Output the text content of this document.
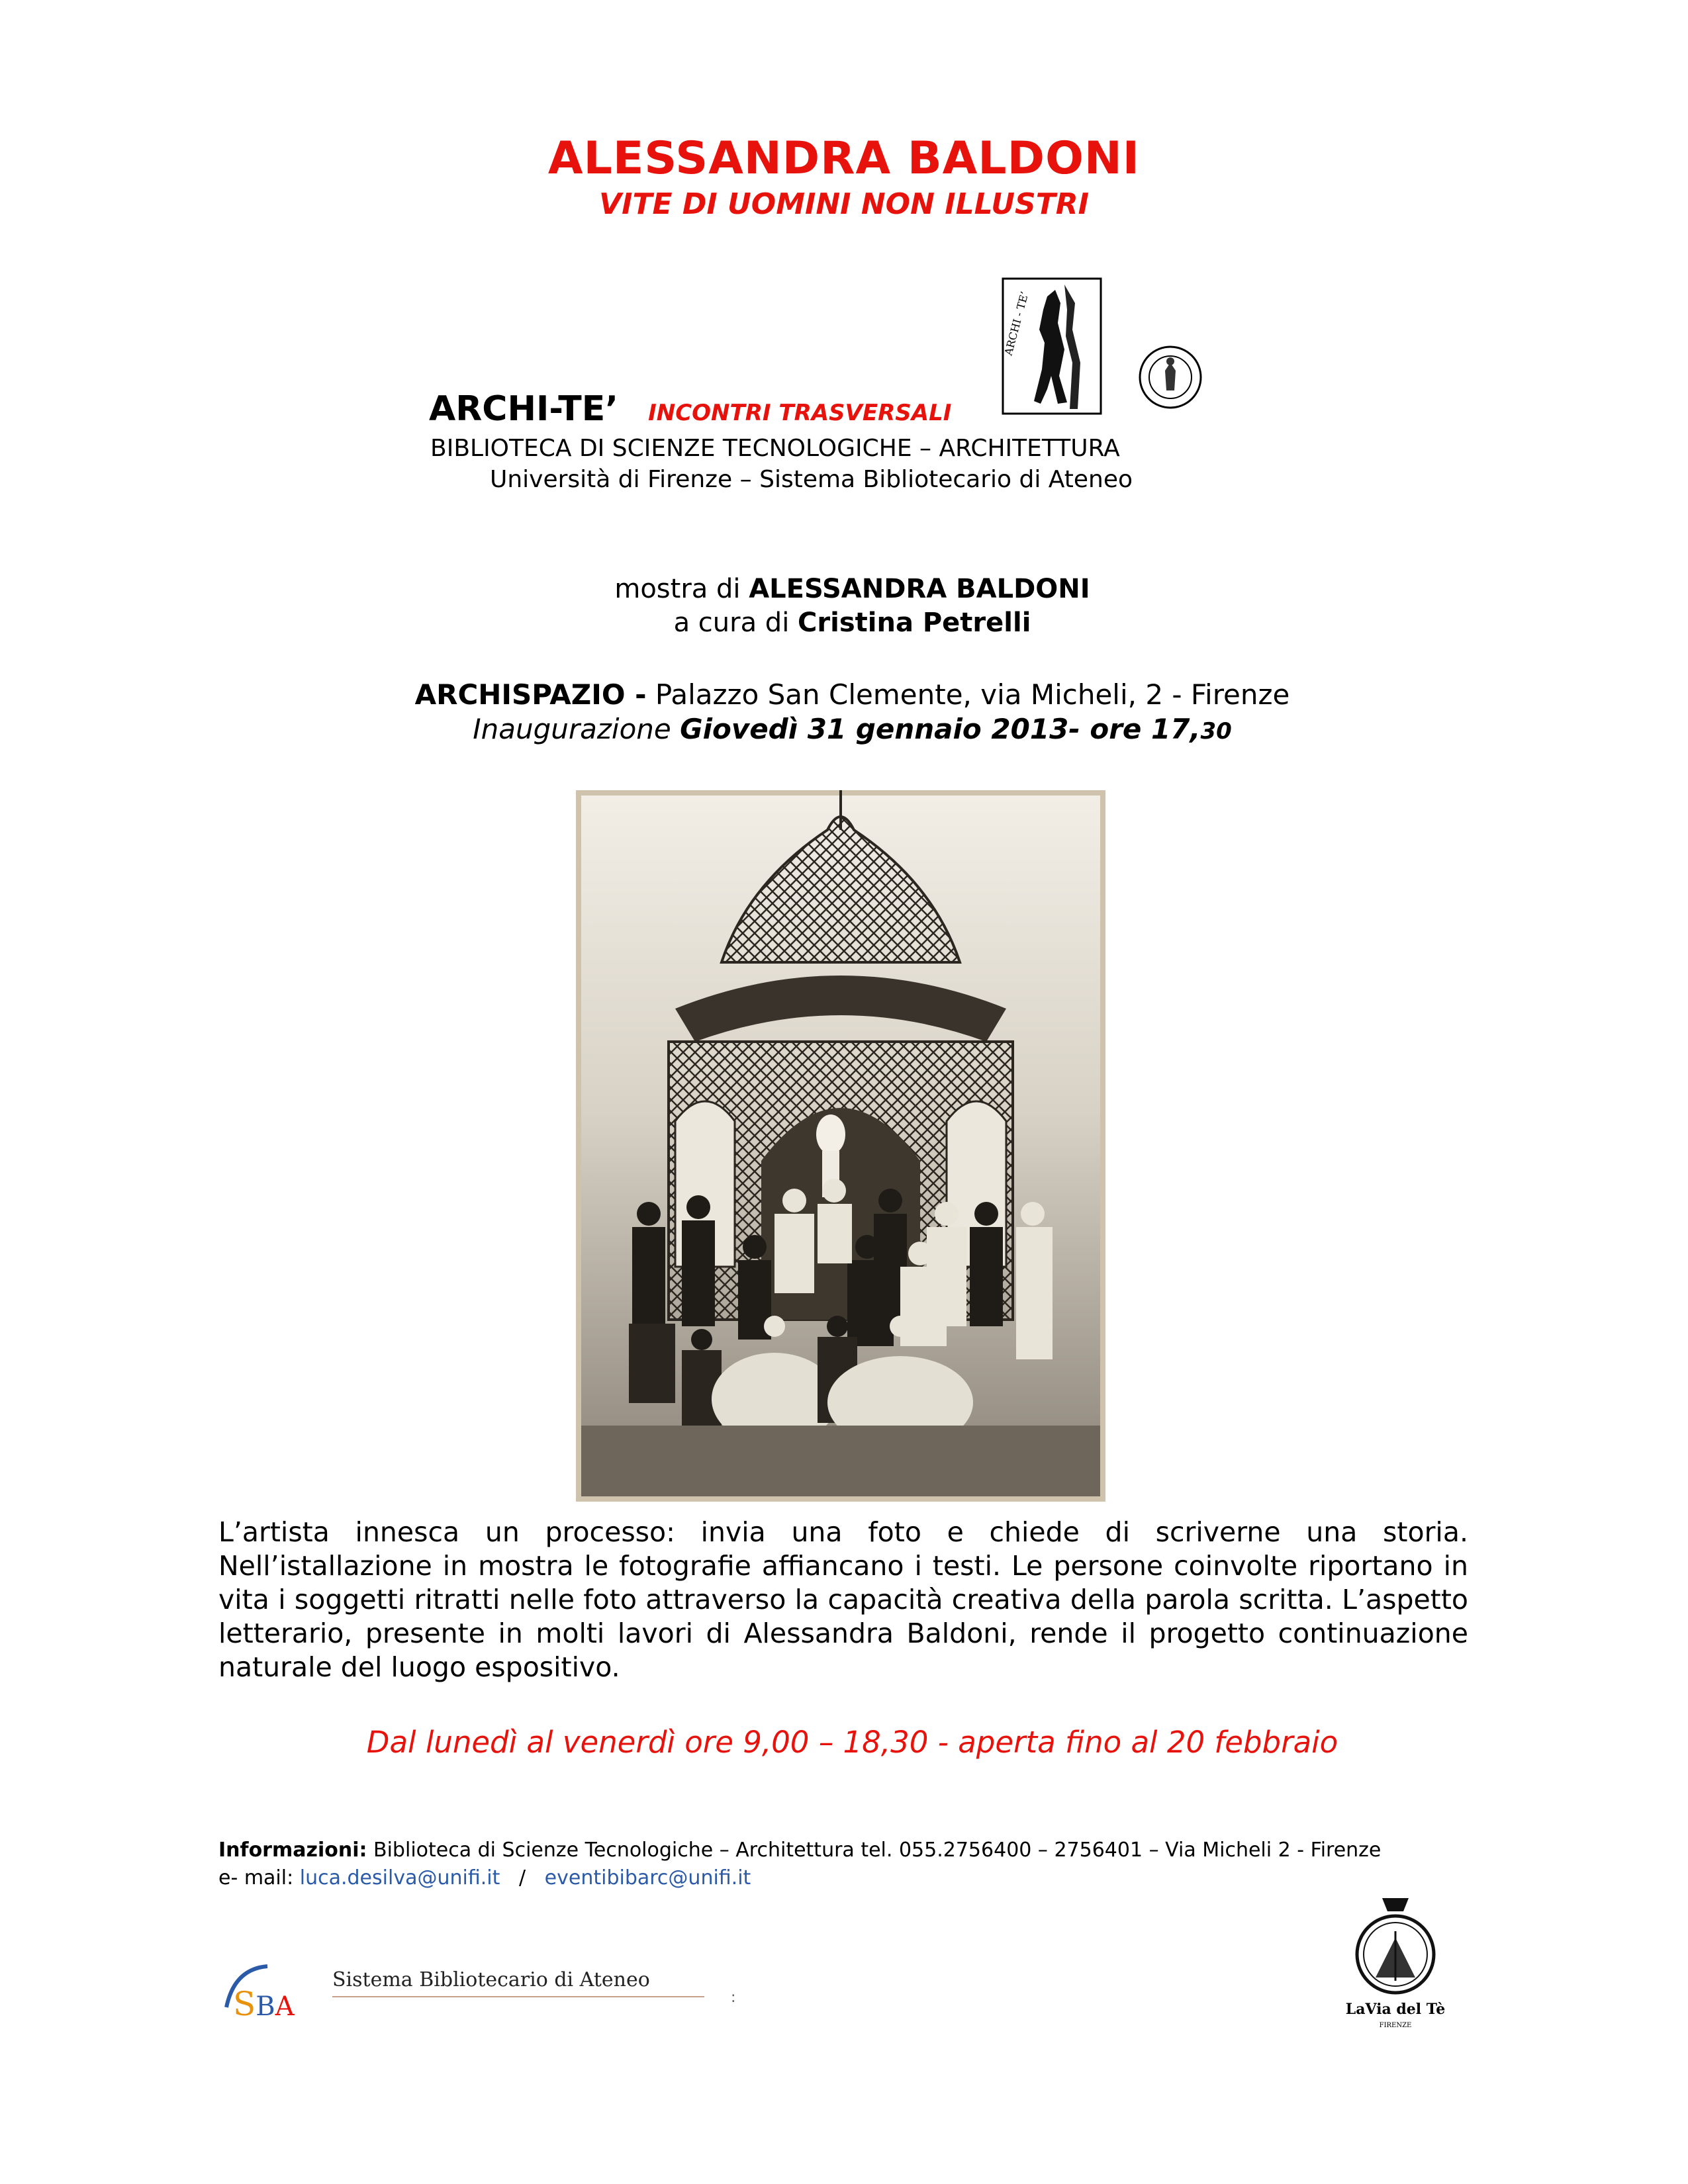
ALESSANDRA BALDONI
VITE DI UOMINI NON ILLUSTRI
ARCHI - TE’
ARCHI-TE’ INCONTRI TRASVERSALI
BIBLIOTECA DI SCIENZE TECNOLOGICHE – ARCHITETTURA
Università di Firenze – Sistema Bibliotecario di Ateneo
mostra di ALESSANDRA BALDONI
a cura di Cristina Petrelli
ARCHISPAZIO - Palazzo San Clemente, via Micheli, 2 - Firenze
Inaugurazione Giovedì 31 gennaio 2013- ore 17,30
L’artista innesca un processo: invia una foto e chiede di scriverne una storia. Nell’istallazione in mostra le fotografie affiancano i testi. Le persone coinvolte riportano in vita i soggetti ritratti nelle foto attraverso la capacità creativa della parola scritta. L’aspetto letterario, presente in molti lavori di Alessandra Baldoni, rende il progetto continuazione naturale del luogo espositivo.
Dal lunedì al venerdì ore 9,00 – 18,30 - aperta fino al 20 febbraio
Informazioni: Biblioteca di Scienze Tecnologiche – Architettura tel. 055.2756400 – 2756401 – Via Micheli 2 - Firenze
e- mail: luca.desilva@unifi.it   /   eventibibarc@unifi.it
SBA
Sistema Bibliotecario di Ateneo
:
LaVia del Tè
FIRENZE
